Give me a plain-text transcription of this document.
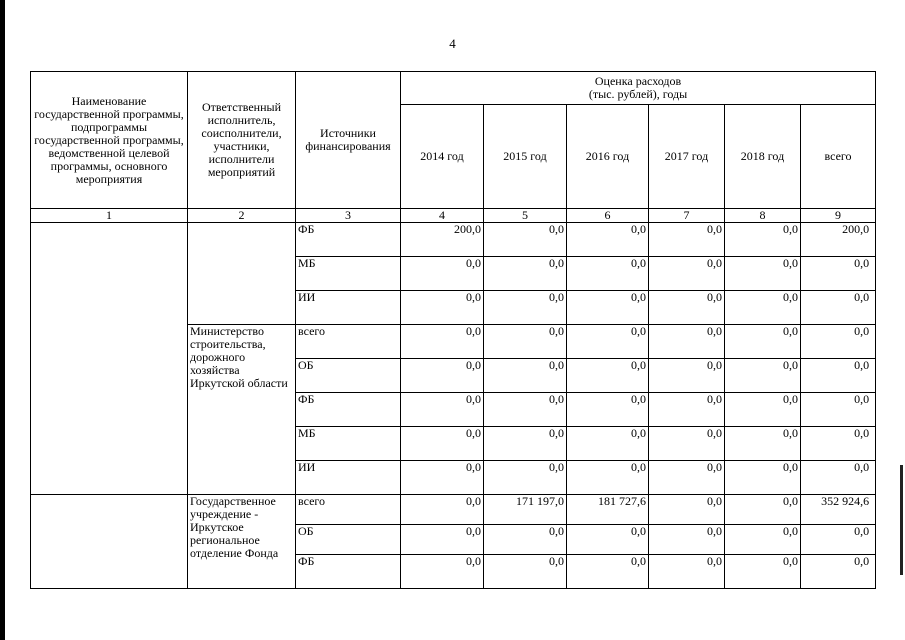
4
Наименование государственной программы, подпрограммы государственной программы, ведомственной целевой программы, основного мероприятия	Ответственный исполнитель, соисполнители, участники, исполнители мероприятий	Источники финансирования	Оценка расходов
(тыс. рублей), годы					

			2014 год	2015 год	2016 год	2017 год	2018 год	всего
1	2	3	4	5	6	7	8	9
		ФБ	200,0	0,0	0,0	0,0	0,0	200,0
		МБ	0,0	0,0	0,0	0,0	0,0	0,0
		ИИ	0,0	0,0	0,0	0,0	0,0	0,0
	Министерство строительства, дорожного хозяйства Иркутской области	всего	0,0	0,0	0,0	0,0	0,0	0,0
		ОБ	0,0	0,0	0,0	0,0	0,0	0,0
		ФБ	0,0	0,0	0,0	0,0	0,0	0,0
		МБ	0,0	0,0	0,0	0,0	0,0	0,0
		ИИ	0,0	0,0	0,0	0,0	0,0	0,0
	Государственное учреждение - Иркутское региональное отделение Фонда	всего	0,0	171 197,0	181 727,6	0,0	0,0	352 924,6
		ОБ	0,0	0,0	0,0	0,0	0,0	0,0
		ФБ	0,0	0,0	0,0	0,0	0,0	0,0
